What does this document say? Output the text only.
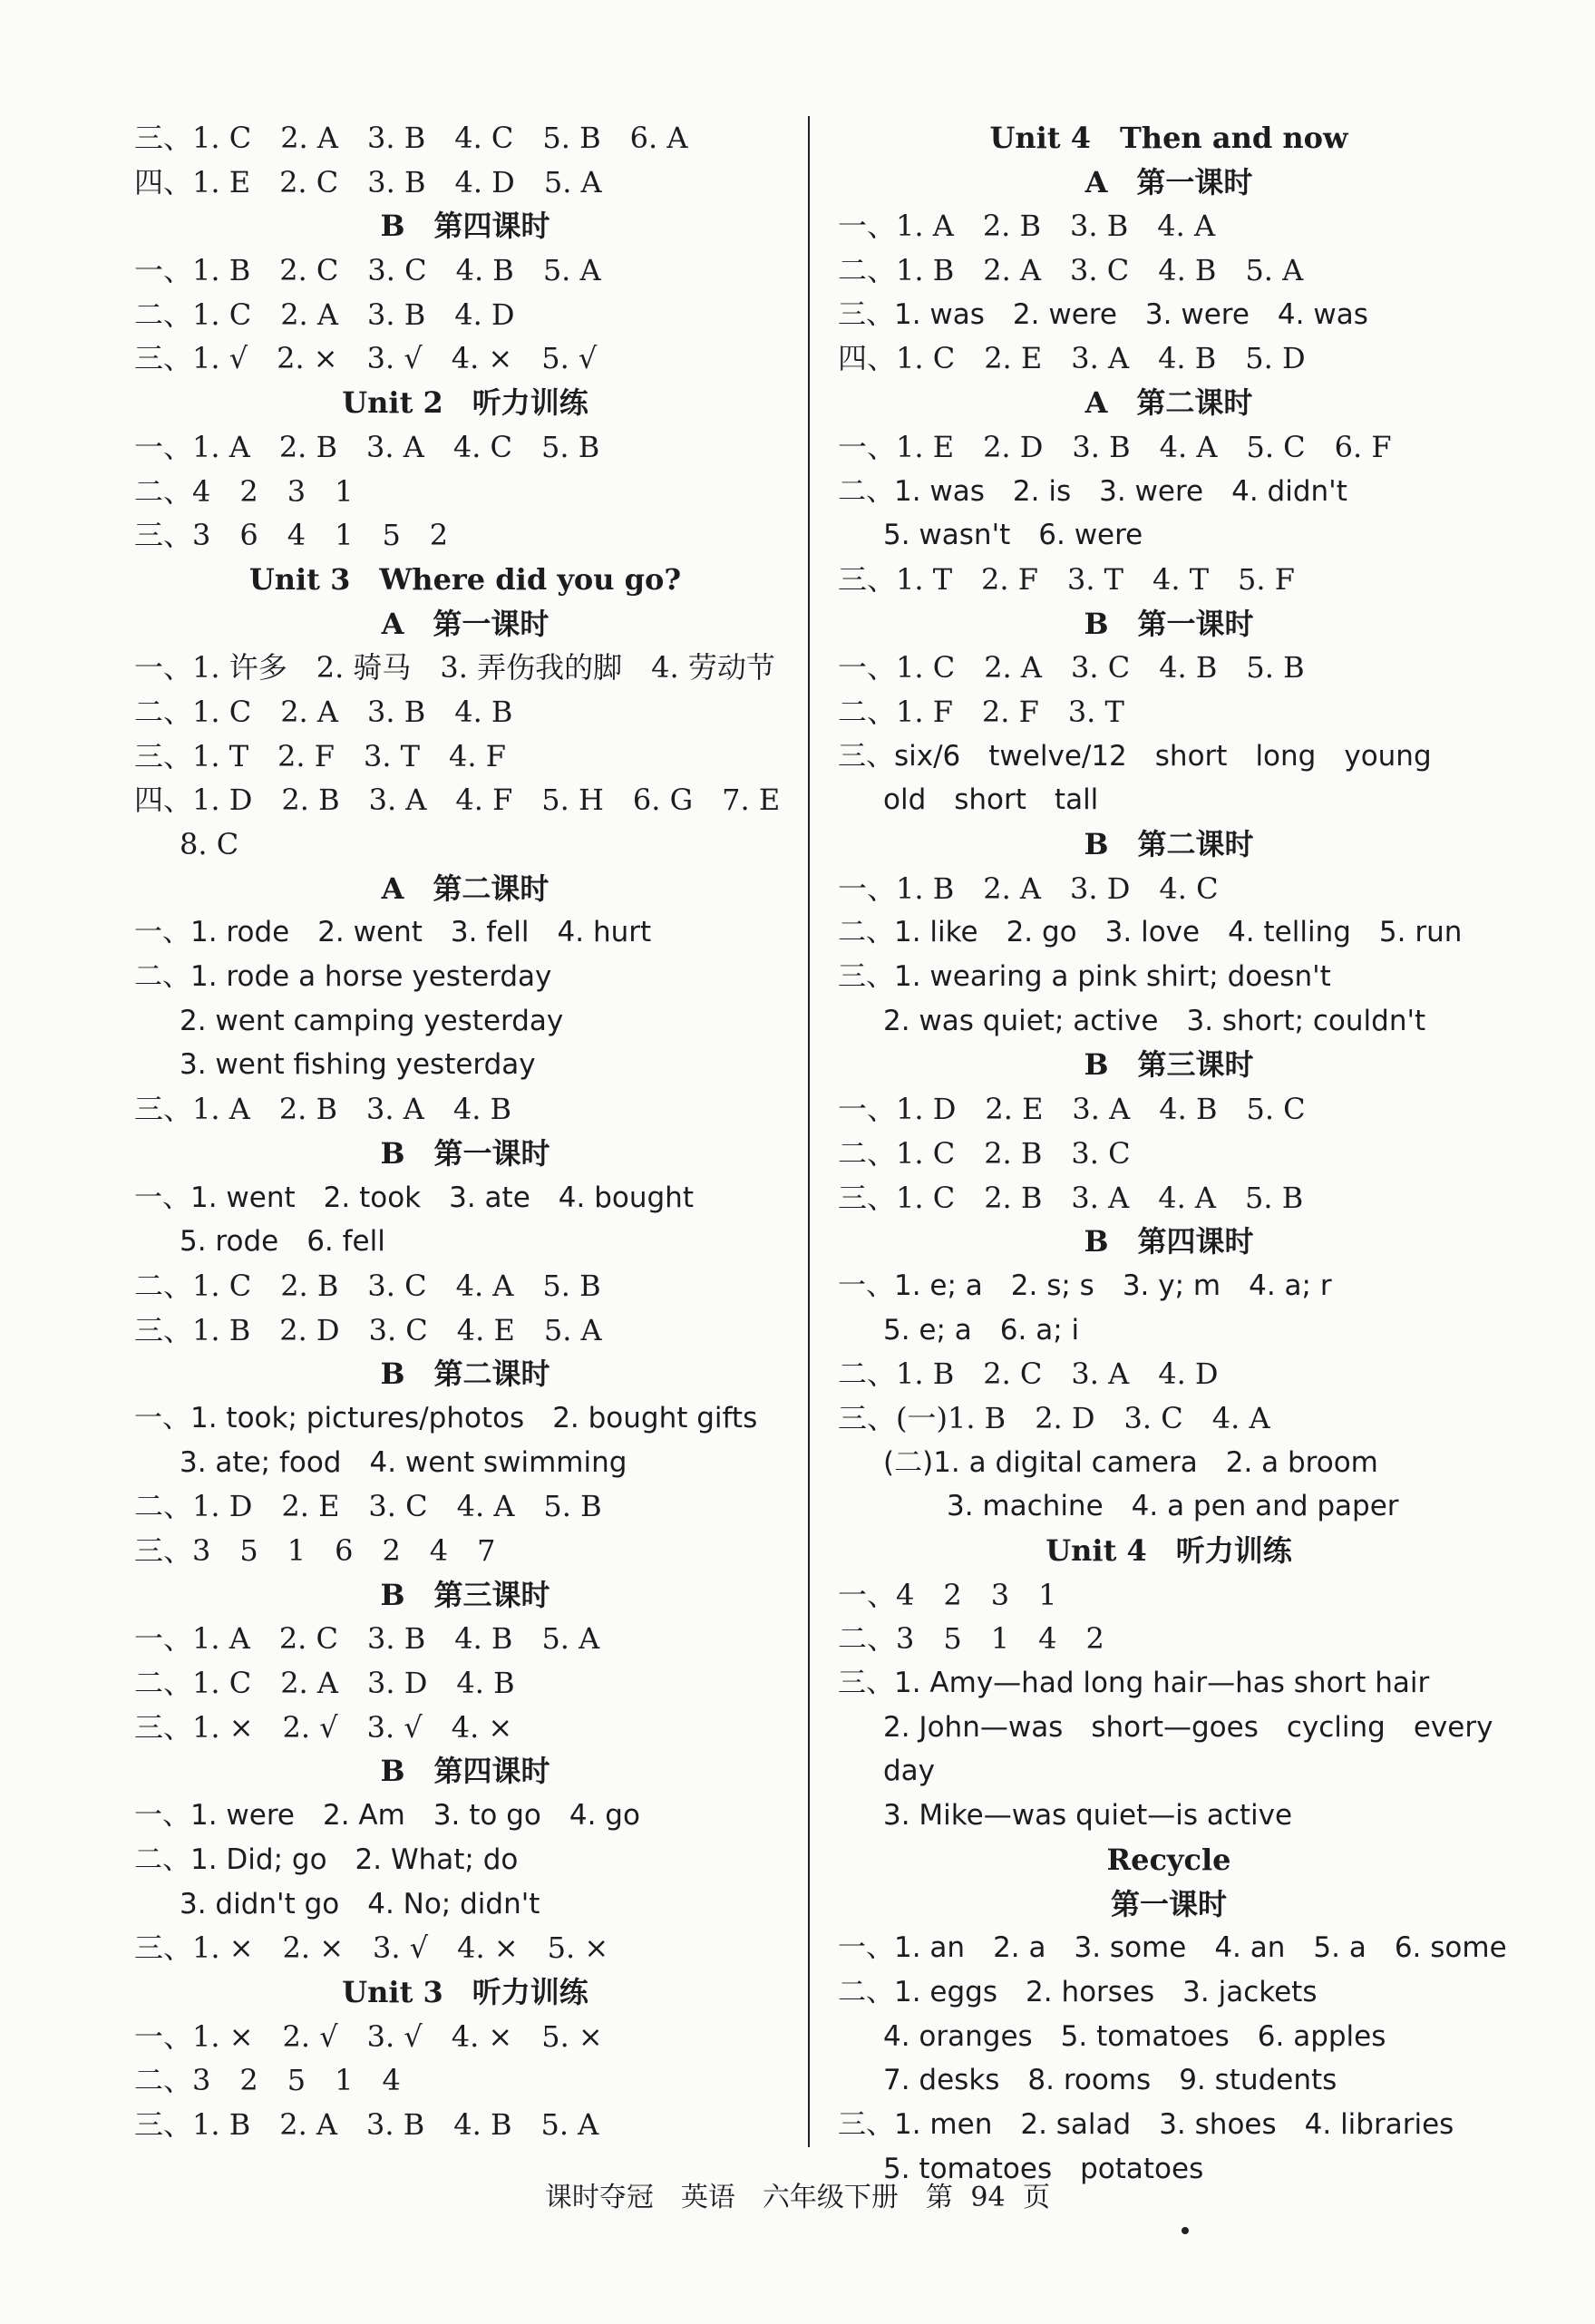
三、1. C　2. A　3. B　4. C　5. B　6. A
四、1. E　2. C　3. B　4. D　5. A
B　第四课时
一、1. B　2. C　3. C　4. B　5. A
二、1. C　2. A　3. B　4. D
三、1. √　2. ×　3. √　4. ×　5. √
Unit 2　听力训练
一、1. A　2. B　3. A　4. C　5. B
二、4　2　3　1
三、3　6　4　1　5　2
Unit 3　Where did you go?
A　第一课时
一、1. 许多　2. 骑马　3. 弄伤我的脚　4. 劳动节
二、1. C　2. A　3. B　4. B
三、1. T　2. F　3. T　4. F
四、1. D　2. B　3. A　4. F　5. H　6. G　7. E
8. C
A　第二课时
一、1. rode　2. went　3. fell　4. hurt
二、1. rode a horse yesterday
2. went camping yesterday
3. went fishing yesterday
三、1. A　2. B　3. A　4. B
B　第一课时
一、1. went　2. took　3. ate　4. bought
5. rode　6. fell
二、1. C　2. B　3. C　4. A　5. B
三、1. B　2. D　3. C　4. E　5. A
B　第二课时
一、1. took; pictures/photos　2. bought gifts
3. ate; food　4. went swimming
二、1. D　2. E　3. C　4. A　5. B
三、3　5　1　6　2　4　7
B　第三课时
一、1. A　2. C　3. B　4. B　5. A
二、1. C　2. A　3. D　4. B
三、1. ×　2. √　3. √　4. ×
B　第四课时
一、1. were　2. Am　3. to go　4. go
二、1. Did; go　2. What; do
3. didn't go　4. No; didn't
三、1. ×　2. ×　3. √　4. ×　5. ×
Unit 3　听力训练
一、1. ×　2. √　3. √　4. ×　5. ×
二、3　2　5　1　4
三、1. B　2. A　3. B　4. B　5. A
Unit 4　Then and now
A　第一课时
一、1. A　2. B　3. B　4. A
二、1. B　2. A　3. C　4. B　5. A
三、1. was　2. were　3. were　4. was
四、1. C　2. E　3. A　4. B　5. D
A　第二课时
一、1. E　2. D　3. B　4. A　5. C　6. F
二、1. was　2. is　3. were　4. didn't
5. wasn't　6. were
三、1. T　2. F　3. T　4. T　5. F
B　第一课时
一、1. C　2. A　3. C　4. B　5. B
二、1. F　2. F　3. T
三、six/6　twelve/12　short　long　young
old　short　tall
B　第二课时
一、1. B　2. A　3. D　4. C
二、1. like　2. go　3. love　4. telling　5. run
三、1. wearing a pink shirt; doesn't
2. was quiet; active　3. short; couldn't
B　第三课时
一、1. D　2. E　3. A　4. B　5. C
二、1. C　2. B　3. C
三、1. C　2. B　3. A　4. A　5. B
B　第四课时
一、1. e; a　2. s; s　3. y; m　4. a; r
5. e; a　6. a; i
二、1. B　2. C　3. A　4. D
三、(一)1. B　2. D　3. C　4. A
(二)1. a digital camera　2. a broom
3. machine　4. a pen and paper
Unit 4　听力训练
一、4　2　3　1
二、3　5　1　4　2
三、1. Amy—had long hair—has short hair
2. John—was　short—goes　cycling　every
day
3. Mike—was quiet—is active
Recycle
第一课时
一、1. an　2. a　3. some　4. an　5. a　6. some
二、1. eggs　2. horses　3. jackets
4. oranges　5. tomatoes　6. apples
7. desks　8. rooms　9. students
三、1. men　2. salad　3. shoes　4. libraries
5. tomatoes　potatoes
课时夺冠　英语　六年级下册　第 94 页
